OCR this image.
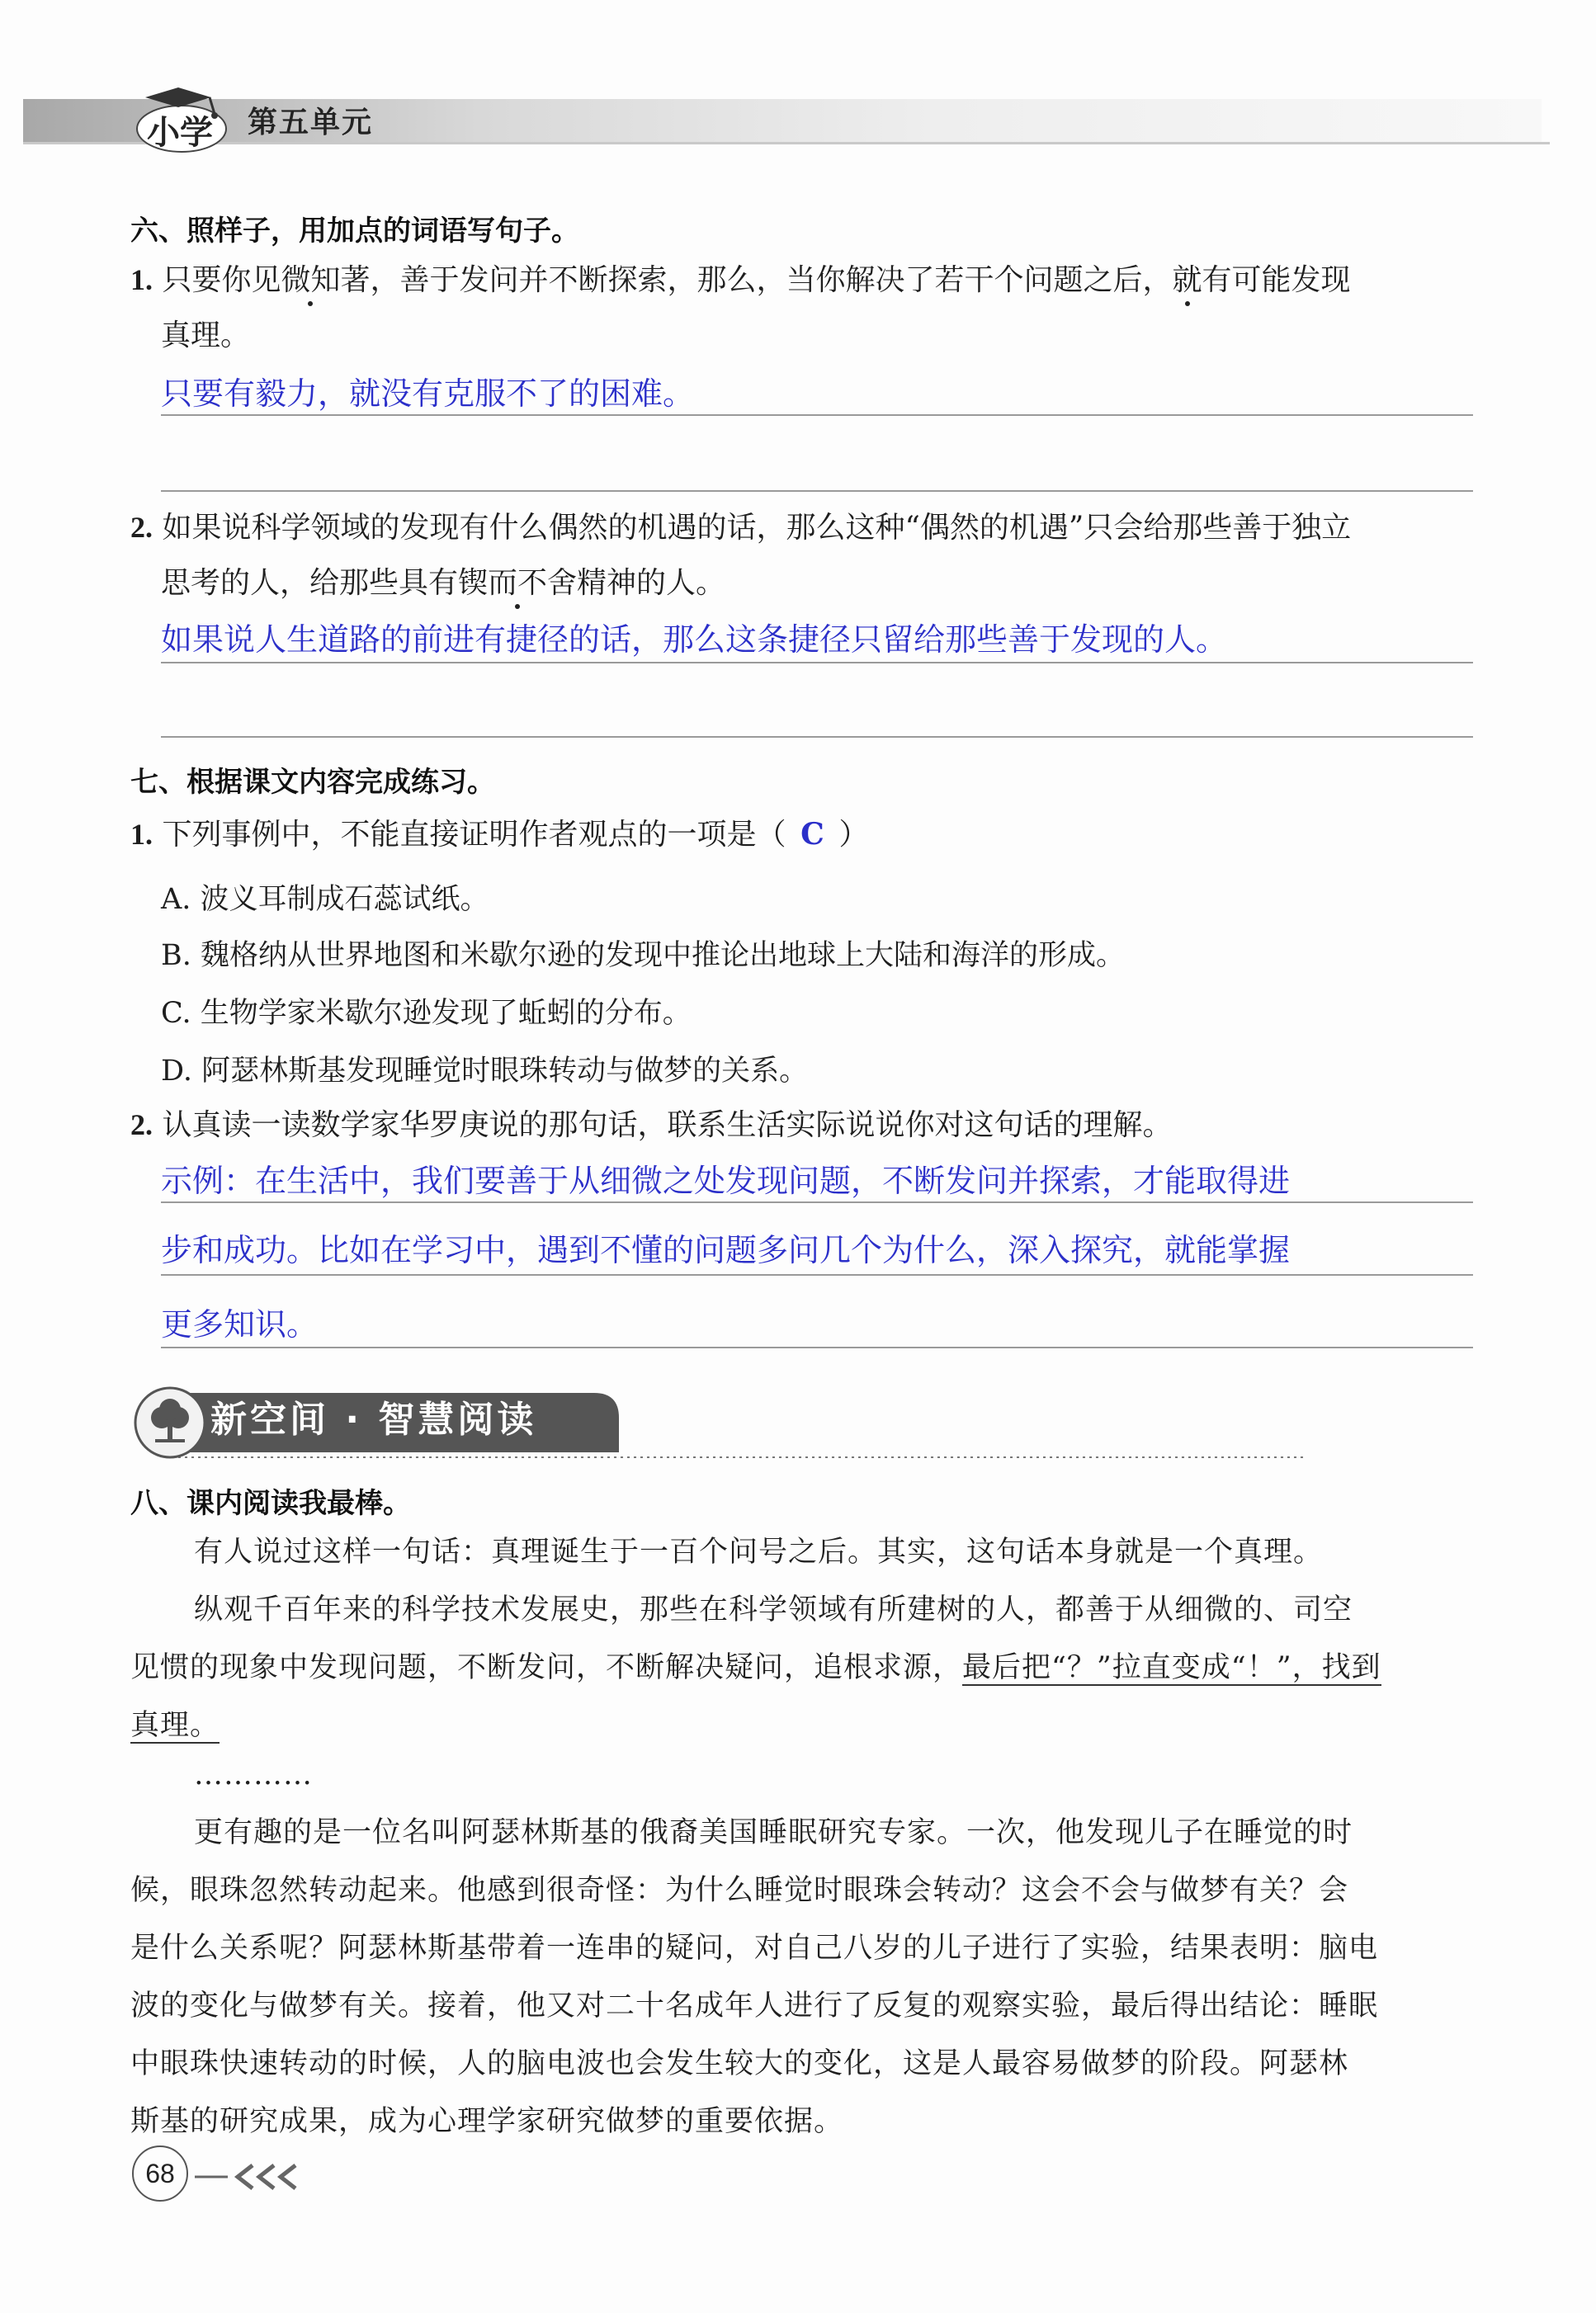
小学 第五单元
六、照样子，用加点的词语写句子。
1. 只要你见微知著，善于发问并不断探索，那么，当你解决了若干个问题之后，就有可能发现
真理。
只要有毅力，就没有克服不了的困难。
2. 如果说科学领域的发现有什么偶然的机遇的话，那么这种“偶然的机遇”只会给那些善于独立
思考的人，给那些具有锲而不舍精神的人。
如果说人生道路的前进有捷径的话，那么这条捷径只留给那些善于发现的人。
七、根据课文内容完成练习。
1. 下列事例中，不能直接证明作者观点的一项是（ C ）
A. 波义耳制成石蕊试纸。
B. 魏格纳从世界地图和米歇尔逊的发现中推论出地球上大陆和海洋的形成。
C. 生物学家米歇尔逊发现了蚯蚓的分布。
D. 阿瑟林斯基发现睡觉时眼珠转动与做梦的关系。
2. 认真读一读数学家华罗庚说的那句话，联系生活实际说说你对这句话的理解。
示例：在生活中，我们要善于从细微之处发现问题，不断发问并探索，才能取得进
步和成功。比如在学习中，遇到不懂的问题多问几个为什么，深入探究，就能掌握
更多知识。
新空间 · 智慧阅读
八、课内阅读我最棒。
有人说过这样一句话：真理诞生于一百个问号之后。其实，这句话本身就是一个真理。
纵观千百年来的科学技术发展史，那些在科学领域有所建树的人，都善于从细微的、司空
见惯的现象中发现问题，不断发问，不断解决疑问，追根求源，最后把“？”拉直变成“！”，找到
真理。
…………
更有趣的是一位名叫阿瑟林斯基的俄裔美国睡眠研究专家。一次，他发现儿子在睡觉的时
候，眼珠忽然转动起来。他感到很奇怪：为什么睡觉时眼珠会转动？这会不会与做梦有关？会
是什么关系呢？阿瑟林斯基带着一连串的疑问，对自己八岁的儿子进行了实验，结果表明：脑电
波的变化与做梦有关。接着，他又对二十名成年人进行了反复的观察实验，最后得出结论：睡眠
中眼珠快速转动的时候，人的脑电波也会发生较大的变化，这是人最容易做梦的阶段。阿瑟林
斯基的研究成果，成为心理学家研究做梦的重要依据。
68
